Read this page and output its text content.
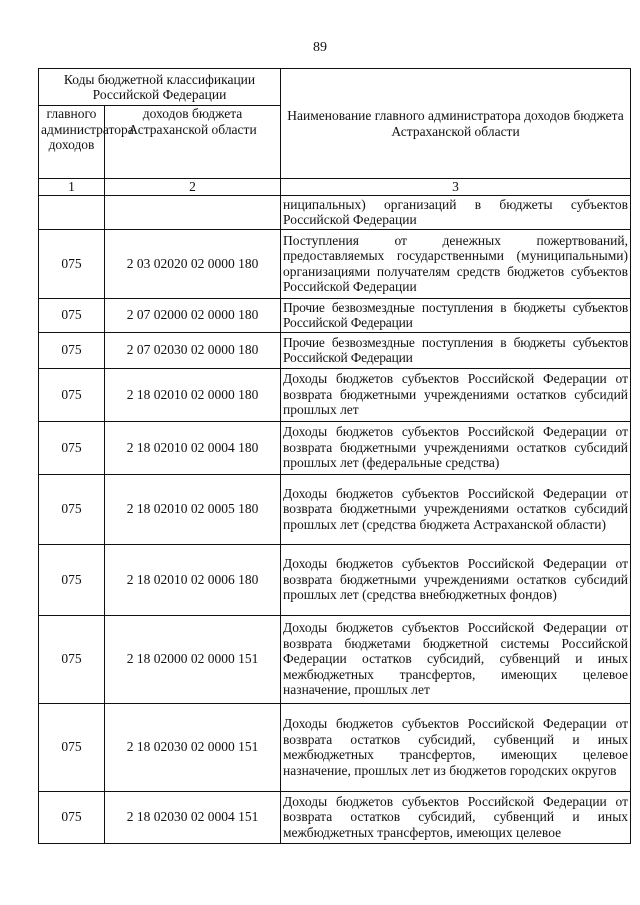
89
Коды бюджетной классификации Российской Федерации		Наименование главного администратора доходов бюджета Астраханской области
главного администратора доходов	доходов бюджета Астраханской области	
1	2	3
		ниципальных) организаций в бюджеты субъектов Российской Федерации
075	2 03 02020 02 0000 180	Поступления от денежных пожертвований, предоставляемых государственными (муниципальными) организациями получателям средств бюджетов субъектов Российской Федерации
075	2 07 02000 02 0000 180	Прочие безвозмездные поступления в бюджеты субъектов Российской Федерации
075	2 07 02030 02 0000 180	Прочие безвозмездные поступления в бюджеты субъектов Российской Федерации
075	2 18 02010 02 0000 180	Доходы бюджетов субъектов Российской Федерации от возврата бюджетными учреждениями остатков субсидий прошлых лет
075	2 18 02010 02 0004 180	Доходы бюджетов субъектов Российской Федерации от возврата бюджетными учреждениями остатков субсидий прошлых лет (федеральные средства)
075	2 18 02010 02 0005 180	Доходы бюджетов субъектов Российской Федерации от возврата бюджетными учреждениями остатков субсидий прошлых лет (средства бюджета Астраханской области)
075	2 18 02010 02 0006 180	Доходы бюджетов субъектов Российской Федерации от возврата бюджетными учреждениями остатков субсидий прошлых лет (средства внебюджетных фондов)
075	2 18 02000 02 0000 151	Доходы бюджетов субъектов Российской Федерации от возврата бюджетами бюджетной системы Российской Федерации остатков субсидий, субвенций и иных межбюджетных трансфертов, имеющих целевое назначение, прошлых лет
075	2 18 02030 02 0000 151	Доходы бюджетов субъектов Российской Федерации от возврата остатков субсидий, субвенций и иных межбюджетных трансфертов, имеющих целевое назначение, прошлых лет из бюджетов городских округов
075	2 18 02030 02 0004 151	Доходы бюджетов субъектов Российской Федерации от возврата остатков субсидий, субвенций и иных межбюджетных трансфертов, имеющих целевое
